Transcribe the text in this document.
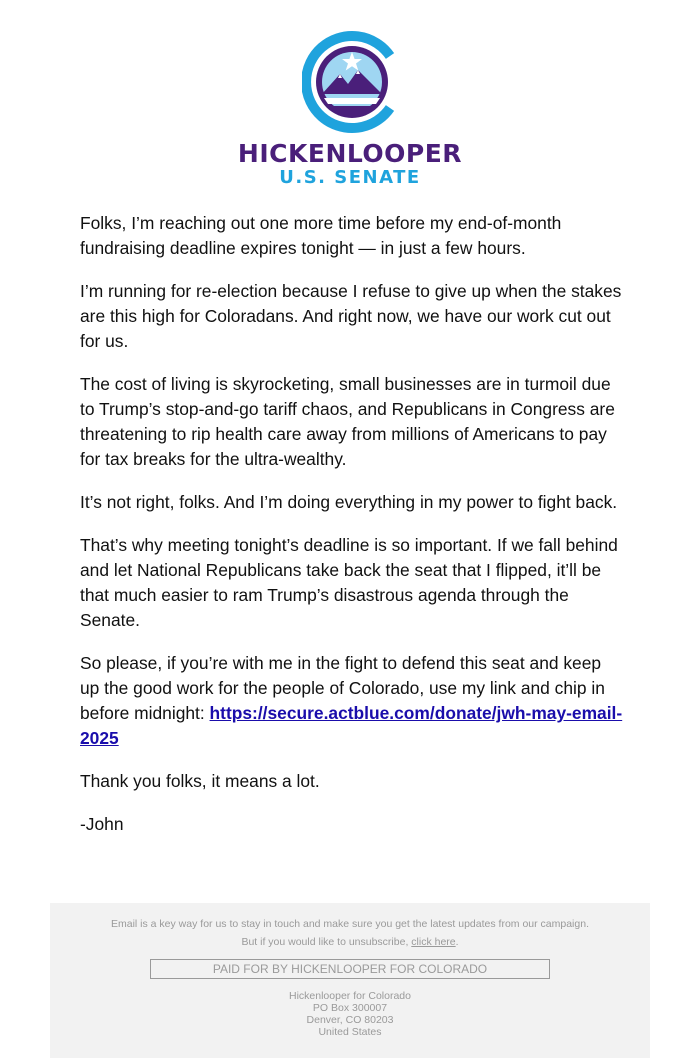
HICKENLOOPER
U.S. SENATE

Folks, I’m reaching out one more time before my end-of-month fundraising deadline expires tonight — in just a few hours.

I’m running for re-election because I refuse to give up when the stakes are this high for Coloradans. And right now, we have our work cut out for us.

The cost of living is skyrocketing, small businesses are in turmoil due to Trump’s stop-and-go tariff chaos, and Republicans in Congress are threatening to rip health care away from millions of Americans to pay for tax breaks for the ultra-wealthy.

It’s not right, folks. And I’m doing everything in my power to fight back.

That’s why meeting tonight’s deadline is so important. If we fall behind and let National Republicans take back the seat that I flipped, it’ll be that much easier to ram Trump’s disastrous agenda through the Senate.

So please, if you’re with me in the fight to defend this seat and keep up the good work for the people of Colorado, use my link and chip in before midnight: https://secure.actblue.com/donate/jwh-may-email-2025

Thank you folks, it means a lot.

-John

Email is a key way for us to stay in touch and make sure you get the latest updates from our campaign.
But if you would like to unsubscribe, click here.
PAID FOR BY HICKENLOOPER FOR COLORADO
Hickenlooper for Colorado
PO Box 300007
Denver, CO 80203
United States
